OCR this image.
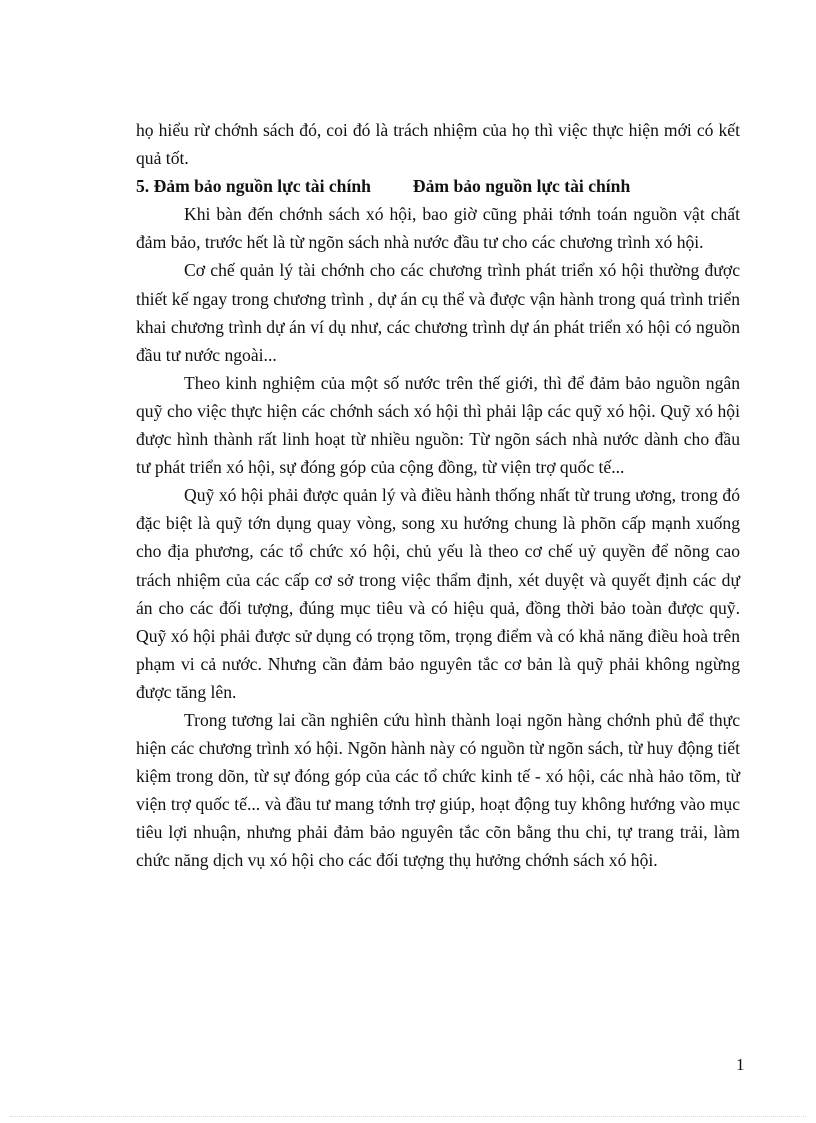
họ hiểu rừ chớnh sách đó, coi đó là trách nhiệm của họ thì việc thực hiện mới có kết quả tốt.

5. Đảm bảo nguồn lực tài chính Đảm bảo nguồn lực tài chính

Khi bàn đến chớnh sách xó hội, bao giờ cũng phải tớnh toán nguồn vật chất đảm bảo, trước hết là từ ngõn sách nhà nước đầu tư cho các chương trình xó hội.

Cơ chế quản lý tài chớnh cho các chương trình phát triển xó hội thường được thiết kế ngay trong chương trình , dự án cụ thể và được vận hành trong quá trình triển khai chương trình dự án ví dụ như, các chương trình dự án phát triển xó hội có nguồn đầu tư nước ngoài...

Theo kinh nghiệm của một số nước trên thế giới, thì để đảm bảo nguồn ngân quỹ cho việc thực hiện các chớnh sách xó hội thì phải lập các quỹ xó hội. Quỹ xó hội được hình thành rất linh hoạt từ nhiều nguồn: Từ ngõn sách nhà nước dành cho đầu tư phát triển xó hội, sự đóng góp của cộng đồng, từ viện trợ quốc tế...

Quỹ xó hội phải được quản lý và điều hành thống nhất từ trung ương, trong đó đặc biệt là quỹ tớn dụng quay vòng, song xu hướng chung là phõn cấp mạnh xuống cho địa phương, các tổ chức xó hội, chủ yếu là theo cơ chế uỷ quyền để nõng cao trách nhiệm của các cấp cơ sở trong việc thẩm định, xét duyệt và quyết định các dự án cho các đối tượng, đúng mục tiêu và có hiệu quả, đồng thời bảo toàn được quỹ. Quỹ xó hội phải được sử dụng có trọng tõm, trọng điểm và có khả năng điều hoà trên phạm vi cả nước. Nhưng cần đảm bảo nguyên tắc cơ bản là quỹ phải không ngừng được tăng lên.

Trong tương lai cần nghiên cứu hình thành loại ngõn hàng chớnh phủ để thực hiện các chương trình xó hội. Ngõn hành này có nguồn từ ngõn sách, từ huy động tiết kiệm trong dõn, từ sự đóng góp của các tổ chức kinh tế - xó hội, các nhà hảo tõm, từ viện trợ quốc tế... và đầu tư mang tớnh trợ giúp, hoạt động tuy không hướng vào mục tiêu lợi nhuận, nhưng phải đảm bảo nguyên tắc cõn bằng thu chi, tự trang trải, làm chức năng dịch vụ xó hội cho các đối tượng thụ hưởng chớnh sách xó hội.

1
